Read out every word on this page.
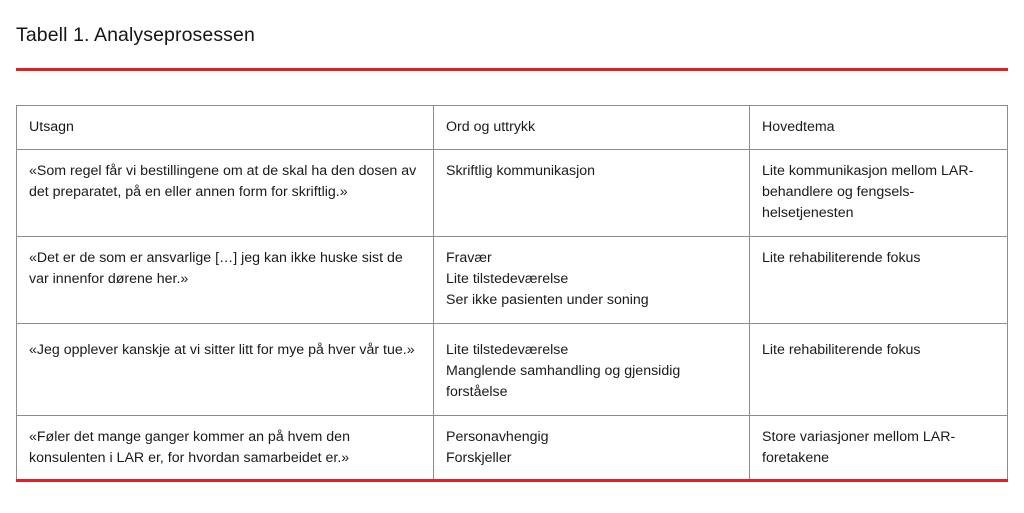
Tabell 1. Analyseprosessen
Utsagn	Ord og uttrykk	Hovedtema
«Som regel får vi bestillingene om at de skal ha den dosen av det preparatet, på en eller annen form for skriftlig.»	Skriftlig kommunikasjon	Lite kommunikasjon mellom LAR-behandlere og fengsels-helsetjenesten

«Det er de som er ansvarlige […] jeg kan ikke huske sist de var innenfor dørene her.»	Fravær
Lite tilstedeværelse
Ser ikke pasienten under soning	Lite rehabiliterende fokus

«Jeg opplever kanskje at vi sitter litt for mye på hver vår tue.»	Lite tilstedeværelse
Manglende samhandling og gjensidig forståelse	Lite rehabiliterende fokus

«Føler det mange ganger kommer an på hvem den konsulenten i LAR er, for hvordan samarbeidet er.»	Personavhengig
Forskjeller	Store variasjoner mellom LAR-foretakene
